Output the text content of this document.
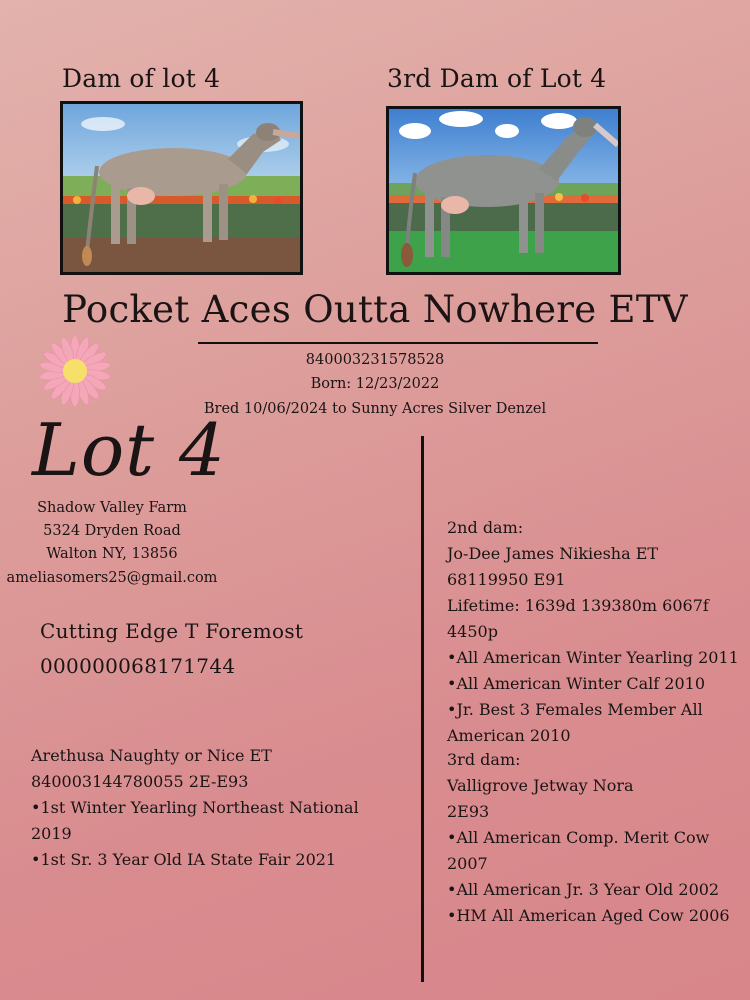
Dam of lot 4	3rd Dam of Lot 4
Pocket Aces Outta Nowhere ETV
840003231578528
Born: 12/23/2022
Bred 10/06/2024 to Sunny Acres Silver Denzel
Lot 4
Shadow Valley Farm
5324 Dryden Road
Walton NY, 13856
ameliasomers25@gmail.com
Cutting Edge T Foremost
000000068171744
Arethusa Naughty or Nice ET
840003144780055 2E-E93
•1st Winter Yearling Northeast National
2019
•1st Sr. 3 Year Old IA State Fair 2021
2nd dam:
Jo-Dee James Nikiesha ET
68119950 E91
Lifetime: 1639d 139380m 6067f 4450p
•All American Winter Yearling 2011
•All American Winter Calf 2010
•Jr. Best 3 Females Member All
American 2010
3rd dam:
Valligrove Jetway Nora
2E93
•All American Comp. Merit Cow 2007
•All American Jr. 3 Year Old 2002
•HM All American Aged Cow 2006
